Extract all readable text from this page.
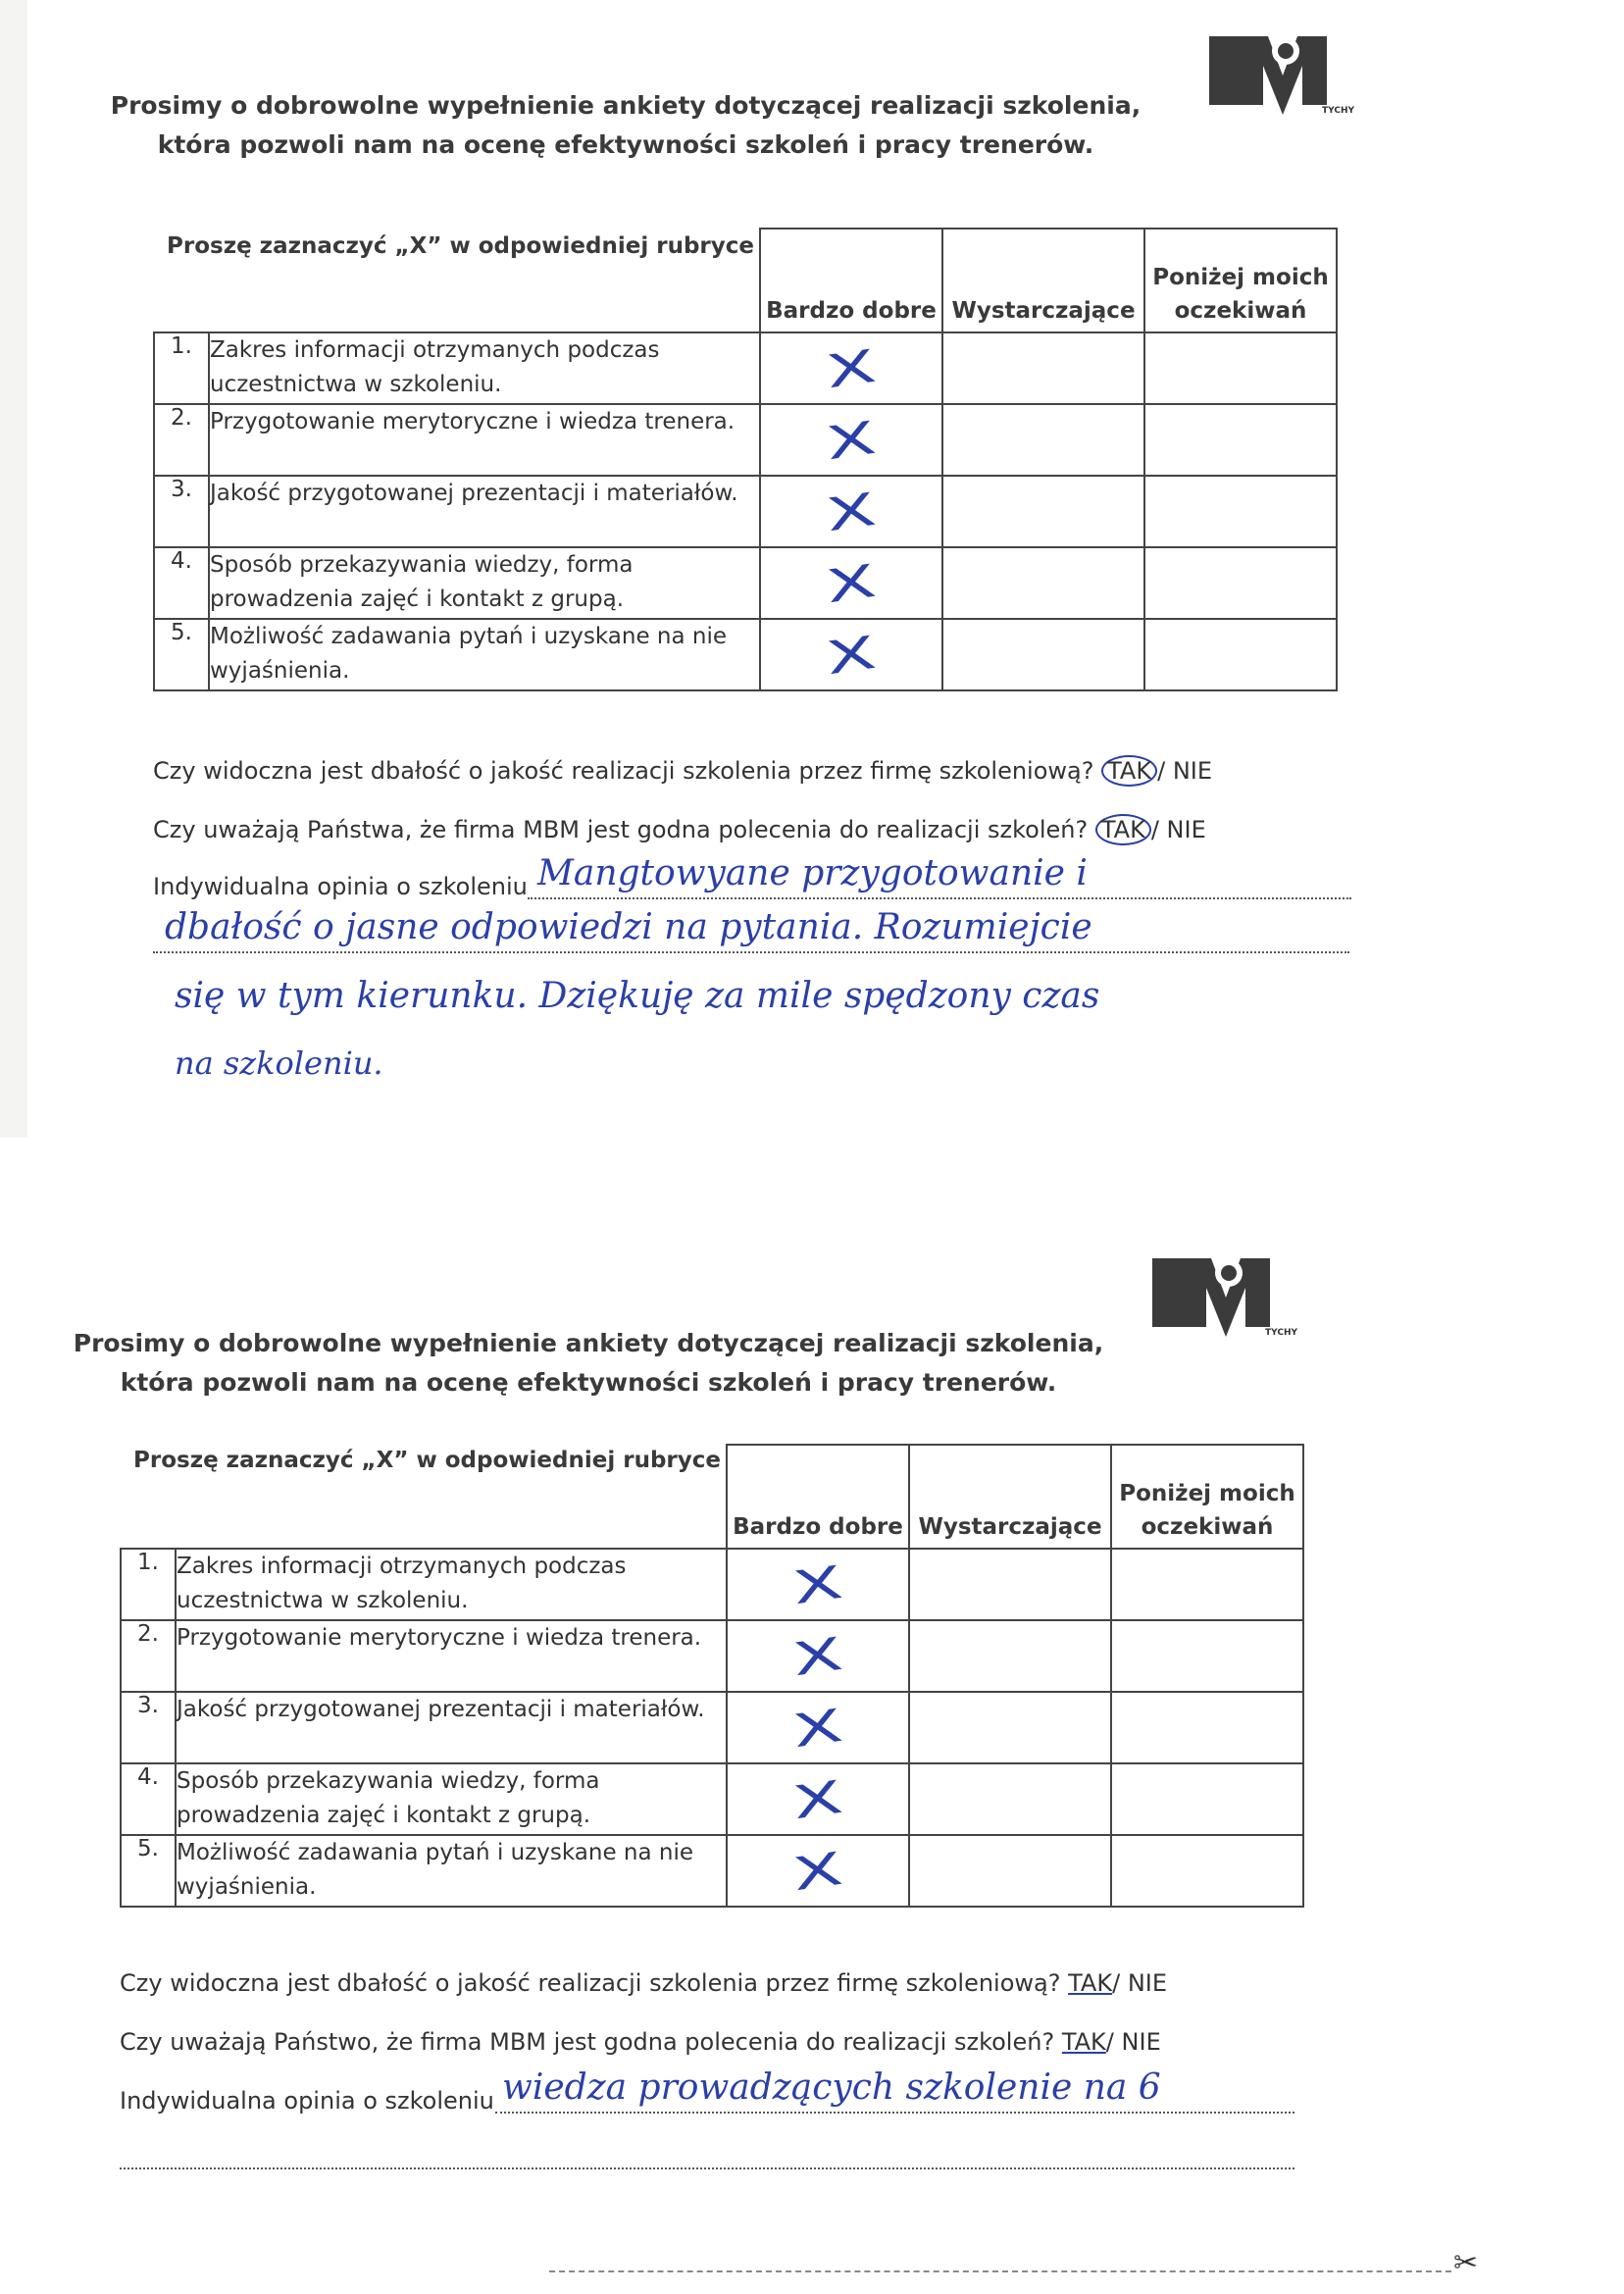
TYCHY
Prosimy o dobrowolne wypełnienie ankiety dotyczącej realizacji szkolenia,
która pozwoli nam na ocenę efektywności szkoleń i pracy trenerów.
Proszę zaznaczyć „X” w odpowiedniej rubryce
		Bardzo dobre	Wystarczające	Poniżej moich oczekiwań
1.	Zakres informacji otrzymanych podczas uczestnictwa w szkoleniu.	X		
2.	Przygotowanie merytoryczne i wiedza trenera.	X		
3.	Jakość przygotowanej prezentacji i materiałów.	X		
4.	Sposób przekazywania wiedzy, forma prowadzenia zajęć i kontakt z grupą.	X		
5.	Możliwość zadawania pytań i uzyskane na nie wyjaśnienia.	X		
Czy widoczna jest dbałość o jakość realizacji szkolenia przez firmę szkoleniową? TAK / NIE
Czy uważają Państwa, że firma MBM jest godna polecenia do realizacji szkoleń? TAK / NIE
Indywidualna opinia o szkoleniu Mangtowyane przygotowanie i
dbałość o jasne odpowiedzi na pytania. Rozumiejcie
się w tym kierunku. Dziękuję za mile spędzony czas
na szkoleniu.
TYCHY
Prosimy o dobrowolne wypełnienie ankiety dotyczącej realizacji szkolenia,
która pozwoli nam na ocenę efektywności szkoleń i pracy trenerów.
Proszę zaznaczyć „X” w odpowiedniej rubryce
		Bardzo dobre	Wystarczające	Poniżej moich oczekiwań
1.	Zakres informacji otrzymanych podczas uczestnictwa w szkoleniu.	X		
2.	Przygotowanie merytoryczne i wiedza trenera.	X		
3.	Jakość przygotowanej prezentacji i materiałów.	X		
4.	Sposób przekazywania wiedzy, forma prowadzenia zajęć i kontakt z grupą.	X		
5.	Możliwość zadawania pytań i uzyskane na nie wyjaśnienia.	X		
Czy widoczna jest dbałość o jakość realizacji szkolenia przez firmę szkoleniową? TAK/ NIE
Czy uważają Państwo, że firma MBM jest godna polecenia do realizacji szkoleń? TAK/ NIE
Indywidualna opinia o szkoleniu wiedza prowadzących szkolenie na 6
✂
